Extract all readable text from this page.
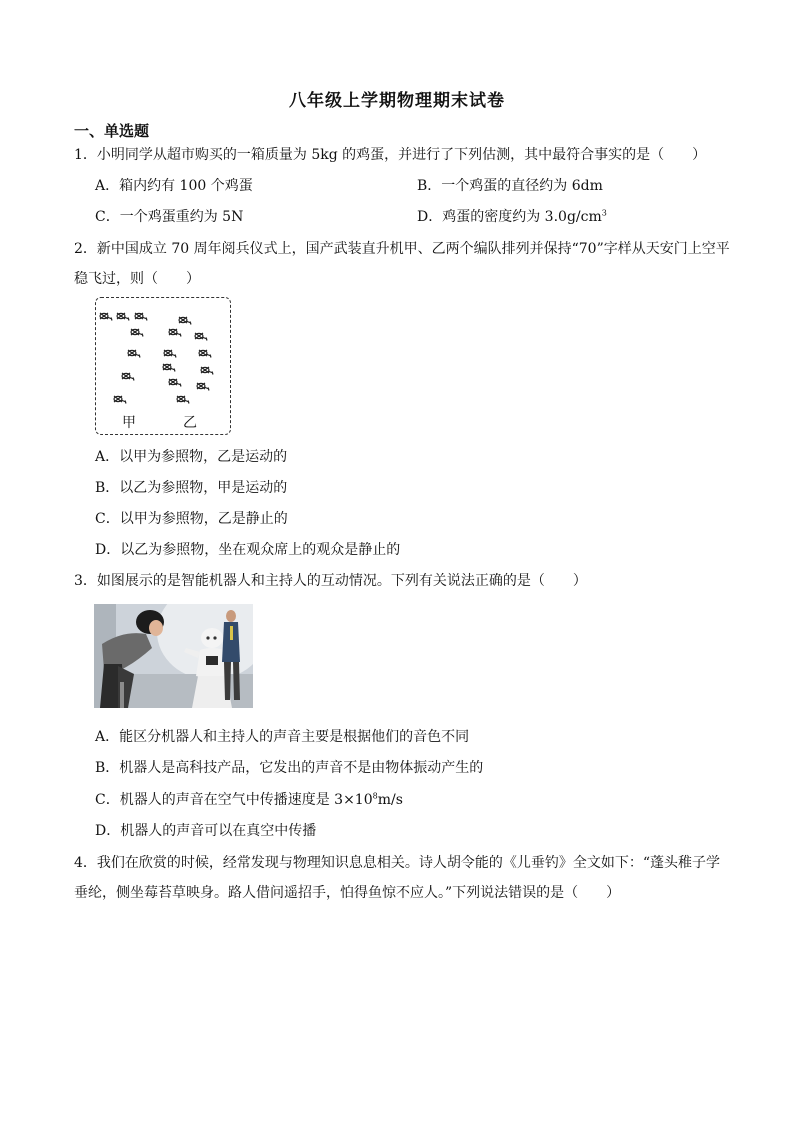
八年级上学期物理期末试卷
一、单选题
1．小明同学从超市购买的一箱质量为 5kg 的鸡蛋，并进行了下列估测，其中最符合事实的是（　　）
A．箱内约有 100 个鸡蛋	B．一个鸡蛋的直径约为 6dm
C．一个鸡蛋重约为 5N	D．鸡蛋的密度约为 $3.0g/cm^3$
2．新中国成立 70 周年阅兵仪式上，国产武装直升机甲、乙两个编队排列并保持“70”字样从天安门上空平
稳飞过，则（　　）
甲	乙
A．以甲为参照物，乙是运动的
B．以乙为参照物，甲是运动的
C．以甲为参照物，乙是静止的
D．以乙为参照物，坐在观众席上的观众是静止的
3．如图展示的是智能机器人和主持人的互动情况。下列有关说法正确的是（　　）
A．能区分机器人和主持人的声音主要是根据他们的音色不同
B．机器人是高科技产品，它发出的声音不是由物体振动产生的
C．机器人的声音在空气中传播速度是 $3\times 10^8m/s$
D．机器人的声音可以在真空中传播
4．我们在欣赏的时候，经常发现与物理知识息息相关。诗人胡令能的《儿垂钓》全文如下：“蓬头稚子学
垂纶，侧坐莓苔草映身。路人借问遥招手，怕得鱼惊不应人。”下列说法错误的是（　　）
